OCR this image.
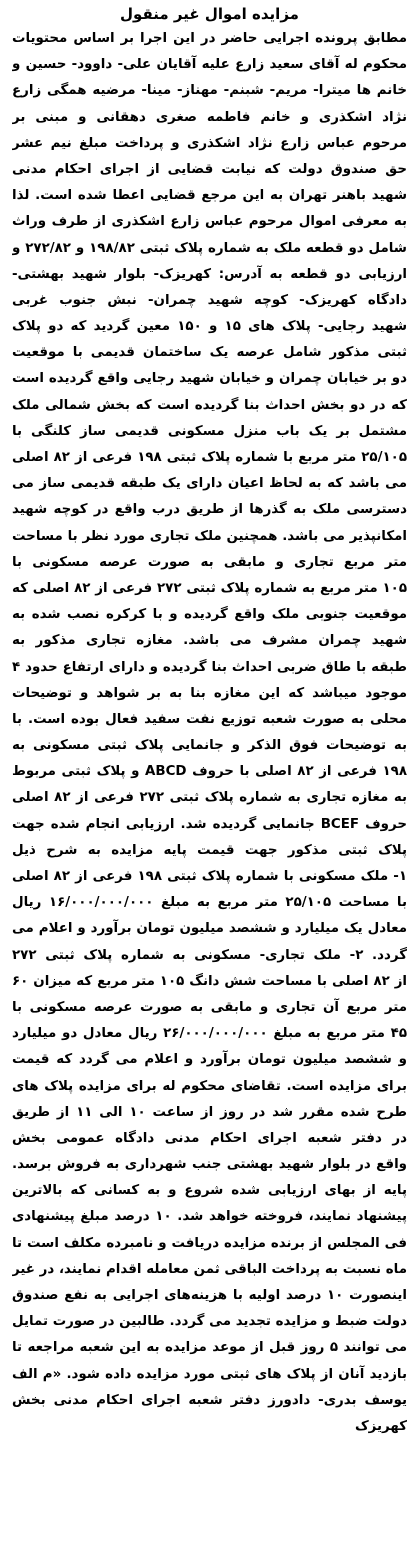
مزایده اموال غیر منقول
مطابق پرونده اجرایی حاضر در این اجرا بر اساس محتویات
محکوم له آقای سعید زارع علیه آقایان علی- داوود- حسین و
خانم ها میترا- مریم- شبنم- مهناز- مینا- مرضیه همگی زارع
نژاد اشکذری و خانم فاطمه صغری دهقانی و مبنی بر
مرحوم عباس زارع نژاد اشکذری و پرداخت مبلغ نیم عشر
حق صندوق دولت که نیابت قضایی از اجرای احکام مدنی
شهید باهنر تهران به این مرجع قضایی اعطا شده است. لذا
به معرفی اموال مرحوم عباس زارع اشکذری از طرف وراث
شامل دو قطعه ملک به شماره پلاک ثبتی ۱۹۸/۸۲ و ۲۷۲/۸۲ و
ارزیابی دو قطعه به آدرس: کهریزک- بلوار شهید بهشتی-
دادگاه کهریزک- کوچه شهید چمران- نبش جنوب غربی
شهید رجایی- پلاک های ۱۵ و ۱۵۰ معین گردید که دو پلاک
ثبتی مذکور شامل عرصه یک ساختمان قدیمی با موقعیت
دو بر خیابان چمران و خیابان شهید رجایی واقع گردیده است
که در دو بخش احداث بنا گردیده است که بخش شمالی ملک
مشتمل بر یک باب منزل مسکونی قدیمی ساز کلنگی با
۲۵/۱۰۵ متر مربع با شماره پلاک ثبتی ۱۹۸ فرعی از ۸۲ اصلی
می باشد که به لحاظ اعیان دارای یک طبقه قدیمی ساز می
دسترسی ملک به گذرها از طریق درب واقع در کوچه شهید
امکانپذیر می باشد. همچنین ملک تجاری مورد نظر با مساحت
متر مربع تجاری و مابقی به صورت عرصه مسکونی با
۱۰۵ متر مربع به شماره پلاک ثبتی ۲۷۲ فرعی از ۸۲ اصلی که
موقعیت جنوبی ملک واقع گردیده و با کرکره نصب شده به
شهید چمران مشرف می باشد. مغازه تجاری مذکور به
طبقه با طاق ضربی احداث بنا گردیده و دارای ارتفاع حدود ۴
موجود میباشد که این مغازه بنا به بر شواهد و توضیحات
محلی به صورت شعبه توزیع نفت سفید فعال بوده است. با
به توضیحات فوق الذکر و جانمایی پلاک ثبتی مسکونی به
۱۹۸ فرعی از ۸۲ اصلی با حروف ABCD و پلاک ثبتی مربوط
به مغازه تجاری به شماره پلاک ثبتی ۲۷۲ فرعی از ۸۲ اصلی
حروف BCEF جانمایی گردیده شد. ارزیابی انجام شده جهت
پلاک ثبتی مذکور جهت قیمت پایه مزایده به شرح ذیل
۱- ملک مسکونی با شماره پلاک ثبتی ۱۹۸ فرعی از ۸۲ اصلی
با مساحت ۲۵/۱۰۵ متر مربع به مبلغ ۱۶/۰۰۰/۰۰۰/۰۰۰ ریال
معادل یک میلیارد و ششصد میلیون تومان برآورد و اعلام می
گردد. ۲- ملک تجاری- مسکونی به شماره پلاک ثبتی ۲۷۲
از ۸۲ اصلی با مساحت شش دانگ ۱۰۵ متر مربع که میزان ۶۰
متر مربع آن تجاری و مابقی به صورت عرصه مسکونی با
۴۵ متر مربع به مبلغ ۲۶/۰۰۰/۰۰۰/۰۰۰ ریال معادل دو میلیارد
و ششصد میلیون تومان برآورد و اعلام می گردد که قیمت
برای مزایده است. تقاضای محکوم له برای مزایده پلاک های
طرح شده مقرر شد در روز از ساعت ۱۰ الی ۱۱ از طریق
در دفتر شعبه اجرای احکام مدنی دادگاه عمومی بخش
واقع در بلوار شهید بهشتی جنب شهرداری به فروش برسد.
پایه از بهای ارزیابی شده شروع و به کسانی که بالاترین
پیشنهاد نمایند، فروخته خواهد شد. ۱۰ درصد مبلغ پیشنهادی
فی المجلس از برنده مزایده دریافت و نامبرده مکلف است تا
ماه نسبت به پرداخت الباقی ثمن معامله اقدام نمایند، در غیر
اینصورت ۱۰ درصد اولیه با هزینه‌های اجرایی به نفع صندوق
دولت ضبط و مزایده تجدید می گردد. طالبین در صورت تمایل
می توانند ۵ روز قبل از موعد مزایده به این شعبه مراجعه تا
بازدید آنان از پلاک های ثبتی مورد مزایده داده شود. «م الف
یوسف بدری- دادورز دفتر شعبه اجرای احکام مدنی بخش
کهریزک
